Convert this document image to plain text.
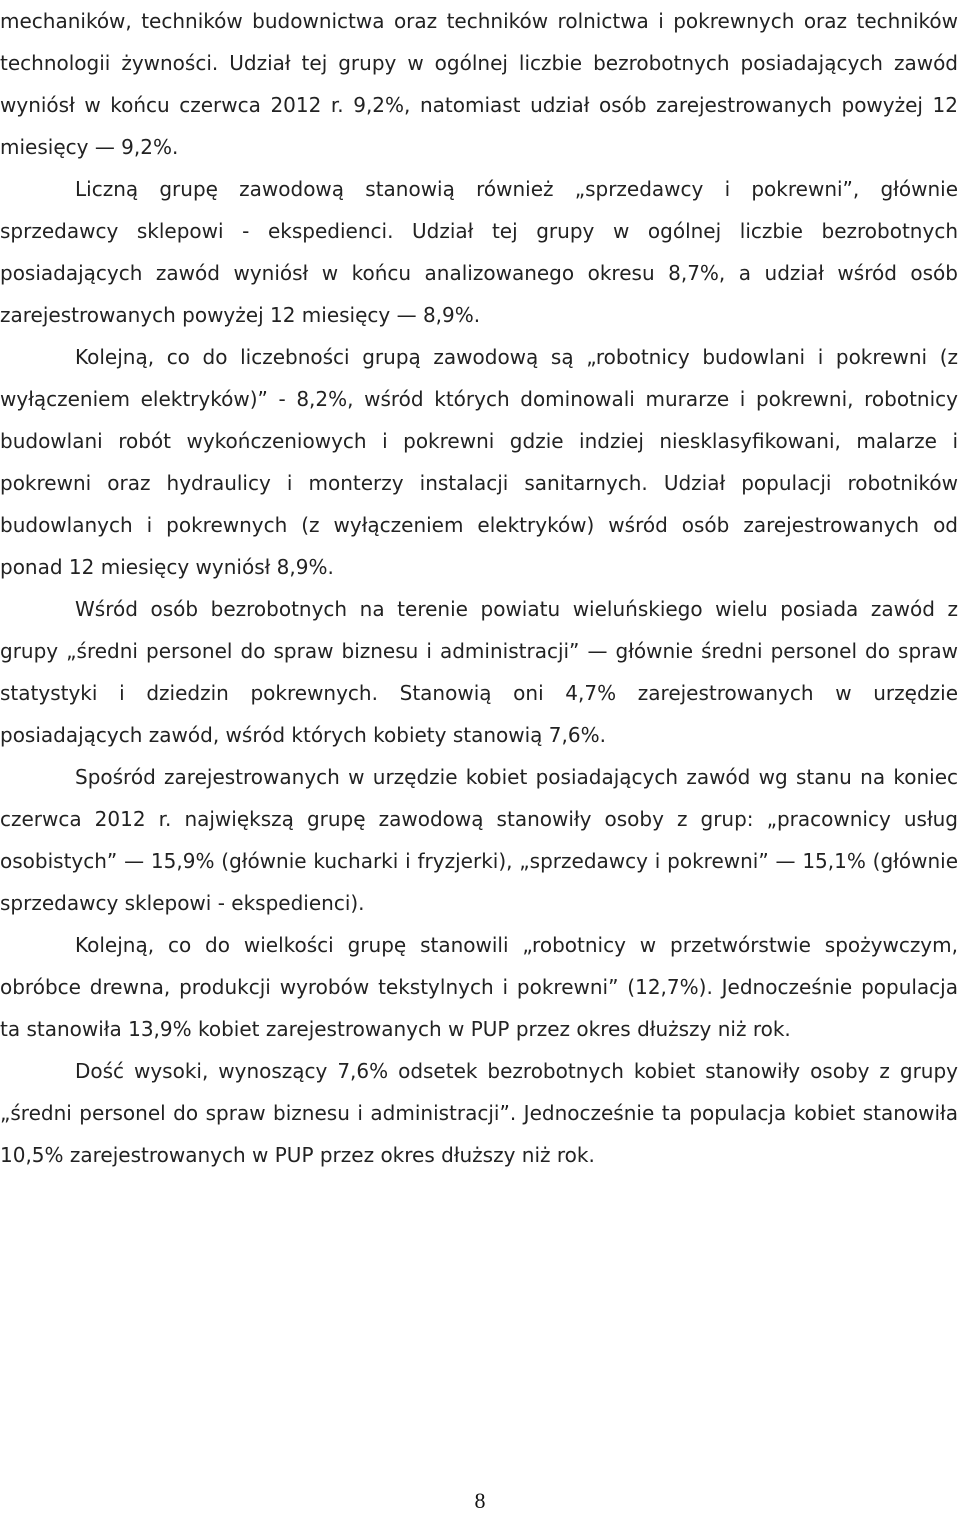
mechaników, techników budownictwa oraz techników rolnictwa i pokrewnych oraz techników technologii żywności. Udział tej grupy w ogólnej liczbie bezrobotnych posiadających zawód wyniósł w końcu czerwca 2012 r. 9,2%, natomiast udział osób zarejestrowanych powyżej 12 miesięcy — 9,2%.

Liczną grupę zawodową stanowią również „sprzedawcy i pokrewni”, głównie sprzedawcy sklepowi - ekspedienci. Udział tej grupy w ogólnej liczbie bezrobotnych posiadających zawód wyniósł w końcu analizowanego okresu 8,7%, a udział wśród osób zarejestrowanych powyżej 12 miesięcy — 8,9%.

Kolejną, co do liczebności grupą zawodową są „robotnicy budowlani i pokrewni (z wyłączeniem elektryków)” - 8,2%, wśród których dominowali murarze i pokrewni, robotnicy budowlani robót wykończeniowych i pokrewni gdzie indziej niesklasyfikowani, malarze i pokrewni oraz hydraulicy i monterzy instalacji sanitarnych. Udział populacji robotników budowlanych i pokrewnych (z wyłączeniem elektryków) wśród osób zarejestrowanych od ponad 12 miesięcy wyniósł 8,9%.

Wśród osób bezrobotnych na terenie powiatu wieluńskiego wielu posiada zawód z grupy „średni personel do spraw biznesu i administracji” — głównie średni personel do spraw statystyki i dziedzin pokrewnych. Stanowią oni 4,7% zarejestrowanych w urzędzie posiadających zawód, wśród których kobiety stanowią 7,6%.

Spośród zarejestrowanych w urzędzie kobiet posiadających zawód wg stanu na koniec czerwca 2012 r. największą grupę zawodową stanowiły osoby z grup: „pracownicy usług osobistych” — 15,9% (głównie kucharki i fryzjerki), „sprzedawcy i pokrewni” — 15,1% (głównie sprzedawcy sklepowi - ekspedienci).

Kolejną, co do wielkości grupę stanowili „robotnicy w przetwórstwie spożywczym, obróbce drewna, produkcji wyrobów tekstylnych i pokrewni” (12,7%). Jednocześnie populacja ta stanowiła 13,9% kobiet zarejestrowanych w PUP przez okres dłuższy niż rok.

Dość wysoki, wynoszący 7,6% odsetek bezrobotnych kobiet stanowiły osoby z grupy „średni personel do spraw biznesu i administracji”. Jednocześnie ta populacja kobiet stanowiła 10,5% zarejestrowanych w PUP przez okres dłuższy niż rok.

8
